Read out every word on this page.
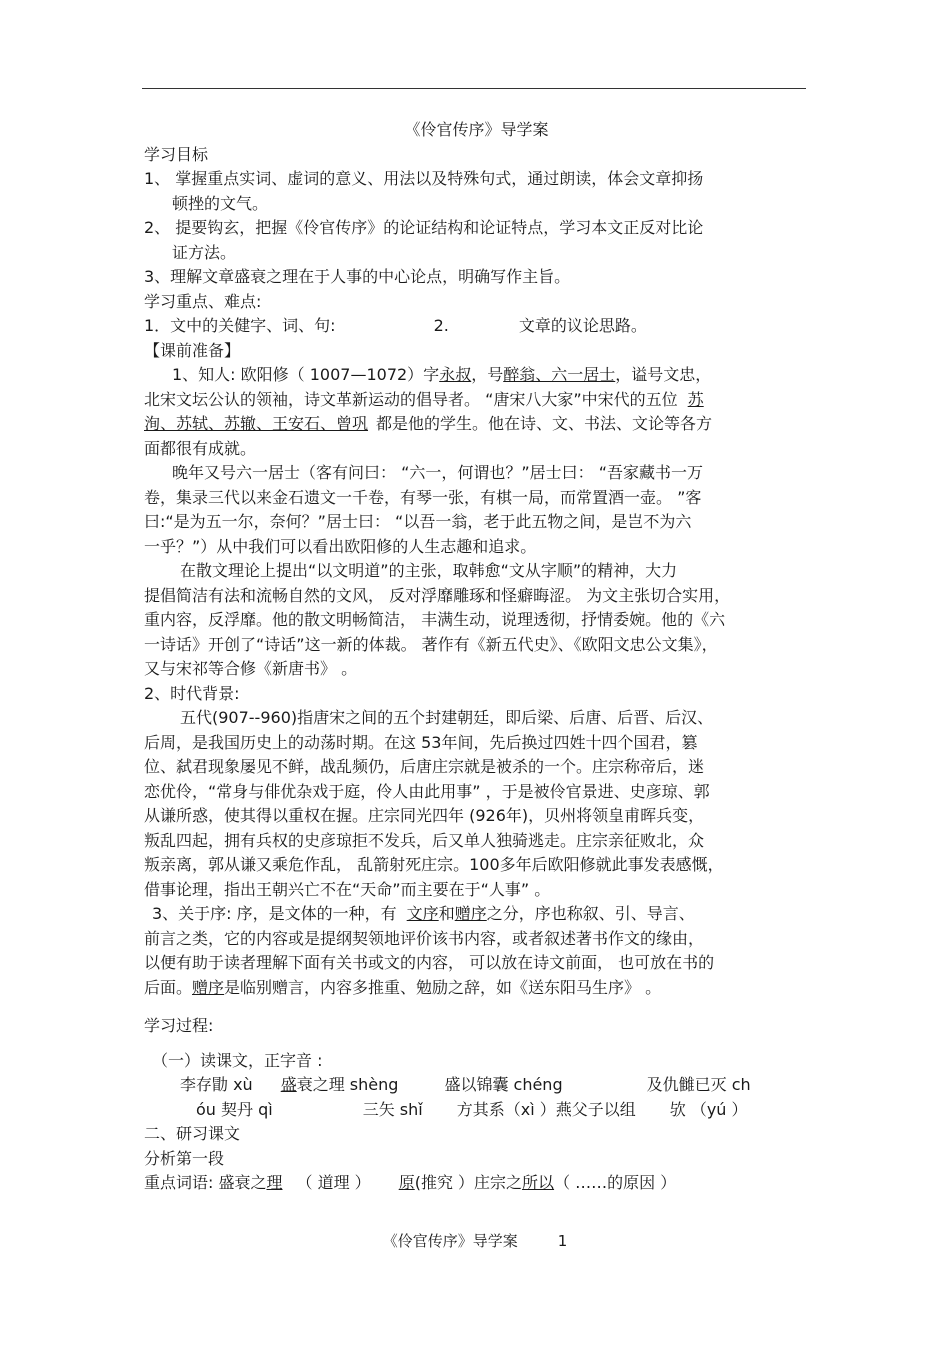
《伶官传序》导学案
学习目标
1、 掌握重点实词、虚词的意义、用法以及特殊句式，通过朗读，体会文章抑扬
顿挫的文气。
2、 提要钩玄，把握《伶官传序》的论证结构和论证特点，学习本文正反对比论
证方法。
3、理解文章盛衰之理在于人事的中心论点，明确写作主旨。
学习重点、难点:
1．文中的关健字、词、句:	2.	文章的议论思路。
【课前准备】
1、知人: 欧阳修（ 1007—1072）字永叔，号醉翁、六一居士，谥号文忠，
北宋文坛公认的领袖，诗文革新运动的倡导者。 “唐宋八大家”中宋代的五位 苏
洵、苏轼、苏辙、王安石、曾巩 都是他的学生。他在诗、文、书法、文论等各方
面都很有成就。
晚年又号六一居士（客有问曰： “六一，何谓也？”居士曰： “吾家藏书一万
卷，集录三代以来金石遗文一千卷，有琴一张，有棋一局，而常置酒一壶。 ”客
曰:“是为五一尔，奈何？”居士曰： “以吾一翁，老于此五物之间，是岂不为六
一乎？”）从中我们可以看出欧阳修的人生志趣和追求。
在散文理论上提出“以文明道”的主张，取韩愈“文从字顺”的精神，大力
提倡简洁有法和流畅自然的文风， 反对浮靡雕琢和怪癖晦涩。 为文主张切合实用，
重内容，反浮靡。他的散文明畅简洁， 丰满生动，说理透彻，抒情委婉。他的《六
一诗话》开创了“诗话”这一新的体裁。 著作有《新五代史》、《欧阳文忠公文集》，
又与宋祁等合修《新唐书》 。
2、时代背景:
五代(907--960)指唐宋之间的五个封建朝廷，即后梁、后唐、后晋、后汉、
后周，是我国历史上的动荡时期。在这 53年间，先后换过四姓十四个国君，篡
位、弑君现象屡见不鲜，战乱频仍，后唐庄宗就是被杀的一个。庄宗称帝后，迷
恋优伶，“常身与俳优杂戏于庭，伶人由此用事” ，于是被伶官景进、史彦琼、郭
从谦所惑，使其得以重权在握。庄宗同光四年 (926年)，贝州将领皇甫晖兵变，
叛乱四起，拥有兵权的史彦琼拒不发兵，后又单人独骑逃走。庄宗亲征败北，众
叛亲离，郭从谦又乘危作乱， 乱箭射死庄宗。100多年后欧阳修就此事发表感慨，
借事论理，指出王朝兴亡不在“天命”而主要在于“人事” 。
3、关于序: 序，是文体的一种，有 文序和赠序之分，序也称叙、引、导言、
前言之类，它的内容或是提纲契领地评价该书内容，或者叙述著书作文的缘由，
以便有助于读者理解下面有关书或文的内容， 可以放在诗文前面， 也可放在书的
后面。赠序是临别赠言，内容多推重、勉励之辞，如《送东阳马生序》 。
学习过程:
（一）读课文，正字音 :
李存勖 xù 盛衰之理 shèng	盛以锦囊 chéng	及仇雠已灭 ch
óu 契丹 qì	三矢 shǐ 方其系（xì ）燕父子以组 欤 （yú ）
二、研习课文
分析第一段
重点词语: 盛衰之理 （ 道理 ） 原(推究 ）庄宗之所以（ ……的原因 ）
《伶官传序》导学案	1
